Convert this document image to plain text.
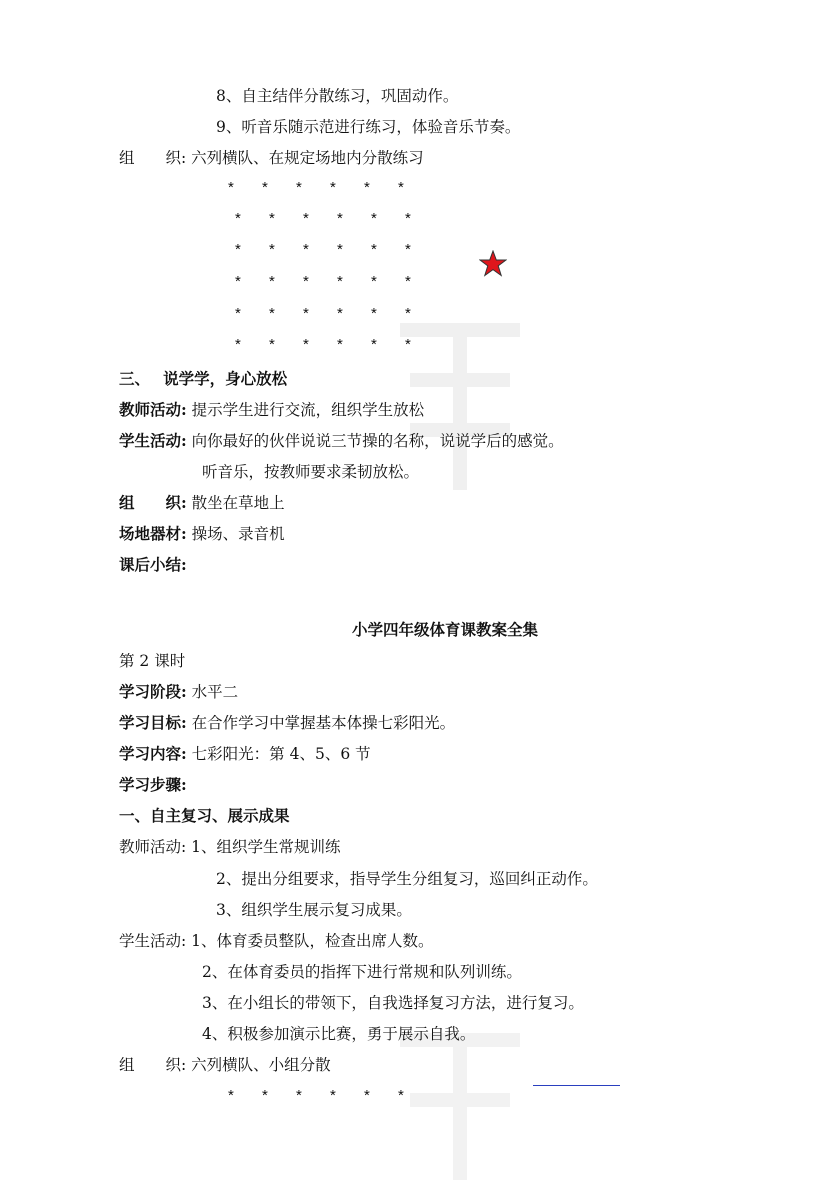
8、自主结伴分散练习，巩固动作。
9、听音乐随示范进行练习，体验音乐节奏。
组　　织: 六列横队、在规定场地内分散练习
* * * * * *
* * * * * *
* * * * * *
* * * * * *
* * * * * *
* * * * * *
三、　 说学学，身心放松
教师活动: 提示学生进行交流，组织学生放松
学生活动: 向你最好的伙伴说说三节操的名称，说说学后的感觉。
听音乐，按教师要求柔韧放松。
组　　织: 散坐在草地上
场地器材: 操场、录音机
课后小结:
小学四年级体育课教案全集
第 2 课时
学习阶段: 水平二
学习目标: 在合作学习中掌握基本体操七彩阳光。
学习内容: 七彩阳光：第 4、5、6 节
学习步骤:
一、自主复习、展示成果
教师活动: 1、组织学生常规训练
2、提出分组要求，指导学生分组复习，巡回纠正动作。
3、组织学生展示复习成果。
学生活动: 1、体育委员整队，检查出席人数。
2、在体育委员的指挥下进行常规和队列训练。
3、在小组长的带领下，自我选择复习方法，进行复习。
4、积极参加演示比赛，勇于展示自我。
组　　织: 六列横队、小组分散
* * * * * *
